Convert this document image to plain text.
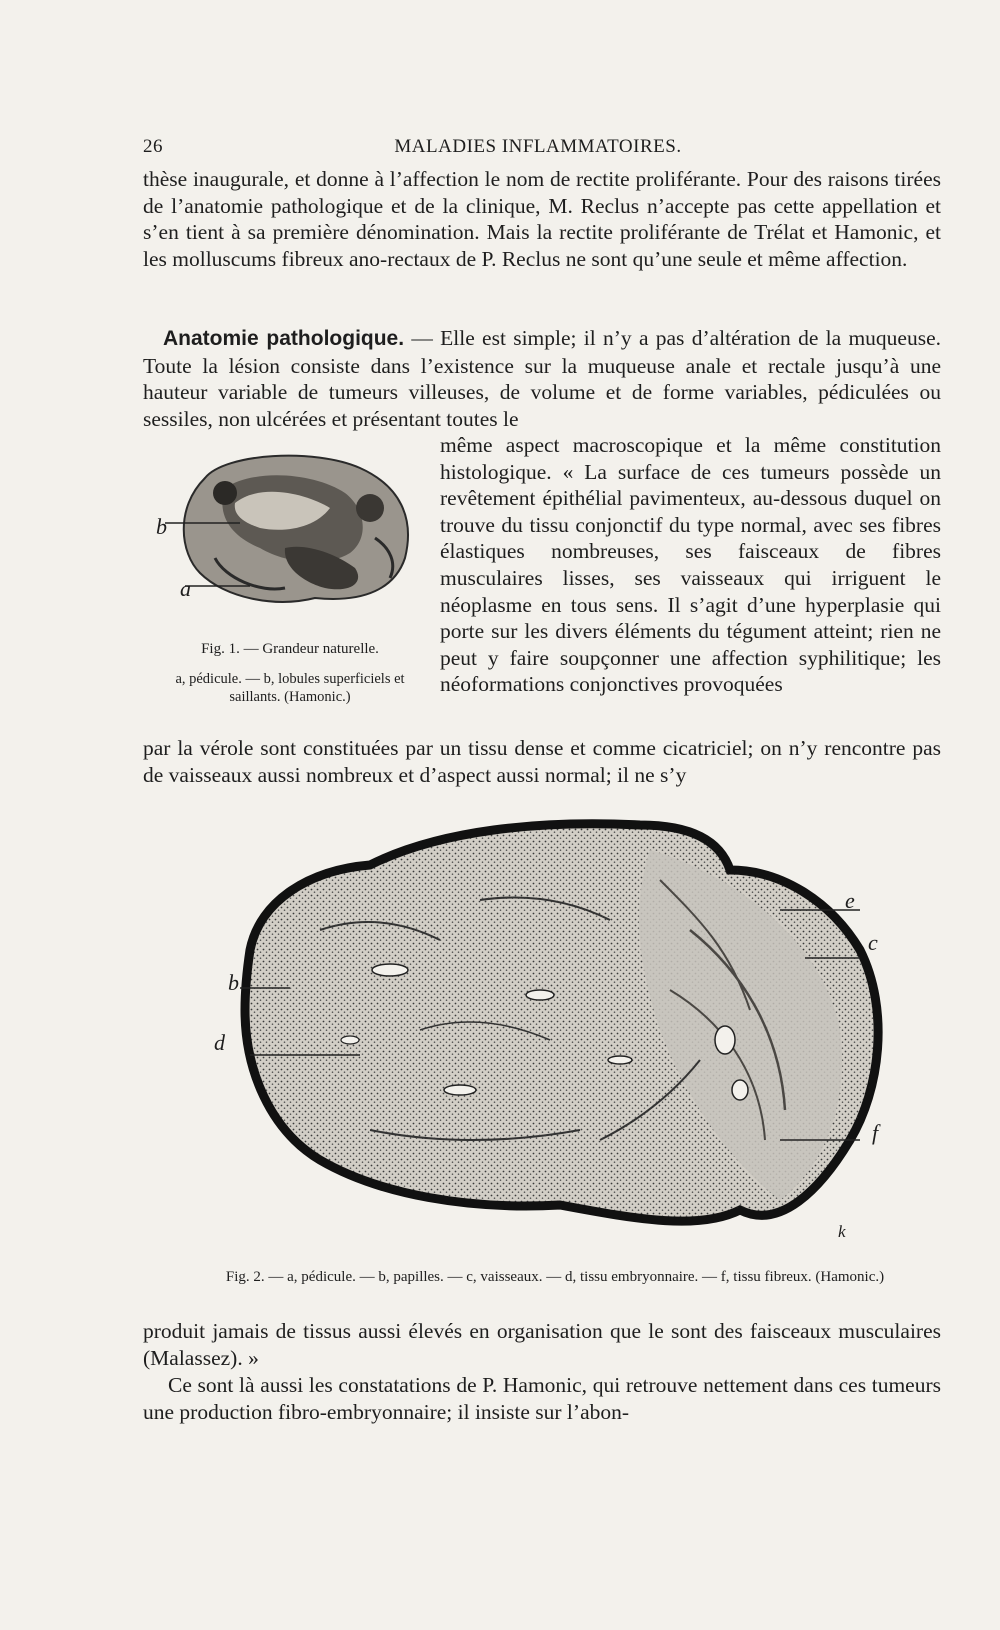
26	MALADIES INFLAMMATOIRES.

thèse inaugurale, et donne à l’affection le nom de rectite proliférante. Pour des raisons tirées de l’anatomie pathologique et de la clinique, M. Reclus n’accepte pas cette appellation et s’en tient à sa première dénomination. Mais la rectite proliférante de Trélat et Hamonic, et les molluscums fibreux ano-rectaux de P. Reclus ne sont qu’une seule et même affection.

Anatomie pathologique. — Elle est simple; il n’y a pas d’altération de la muqueuse. Toute la lésion consiste dans l’existence sur la muqueuse anale et rectale jusqu’à une hauteur variable de tumeurs villeuses, de volume et de forme variables, pédiculées ou sessiles, non ulcérées et présentant toutes le

même aspect macroscopique et la même constitution histologique. « La surface de ces tumeurs possède un revêtement épithélial pavimenteux, au-dessous duquel on trouve du tissu conjonctif du type normal, avec ses fibres élastiques nombreuses, ses faisceaux de fibres musculaires lisses, ses vaisseaux qui irriguent le néoplasme en tous sens. Il s’agit d’une hyperplasie qui porte sur les divers éléments du tégument atteint; rien ne peut y faire soupçonner une affection syphilitique; les néoformations conjonctives provoquées

b
a
Fig. 1. — Grandeur naturelle.
a, pédicule. — b, lobules superficiels et saillants. (Hamonic.)

par la vérole sont constituées par un tissu dense et comme cicatriciel; on n’y rencontre pas de vaisseaux aussi nombreux et d’aspect aussi normal; il ne s’y

e
c
b
d
f
k
Fig. 2. — a, pédicule. — b, papilles. — c, vaisseaux. — d, tissu embryonnaire. — f, tissu fibreux. (Hamonic.)

produit jamais de tissus aussi élevés en organisation que le sont des faisceaux musculaires (Malassez). »

Ce sont là aussi les constatations de P. Hamonic, qui retrouve nettement dans ces tumeurs une production fibro-embryonnaire; il insiste sur l’abon-
